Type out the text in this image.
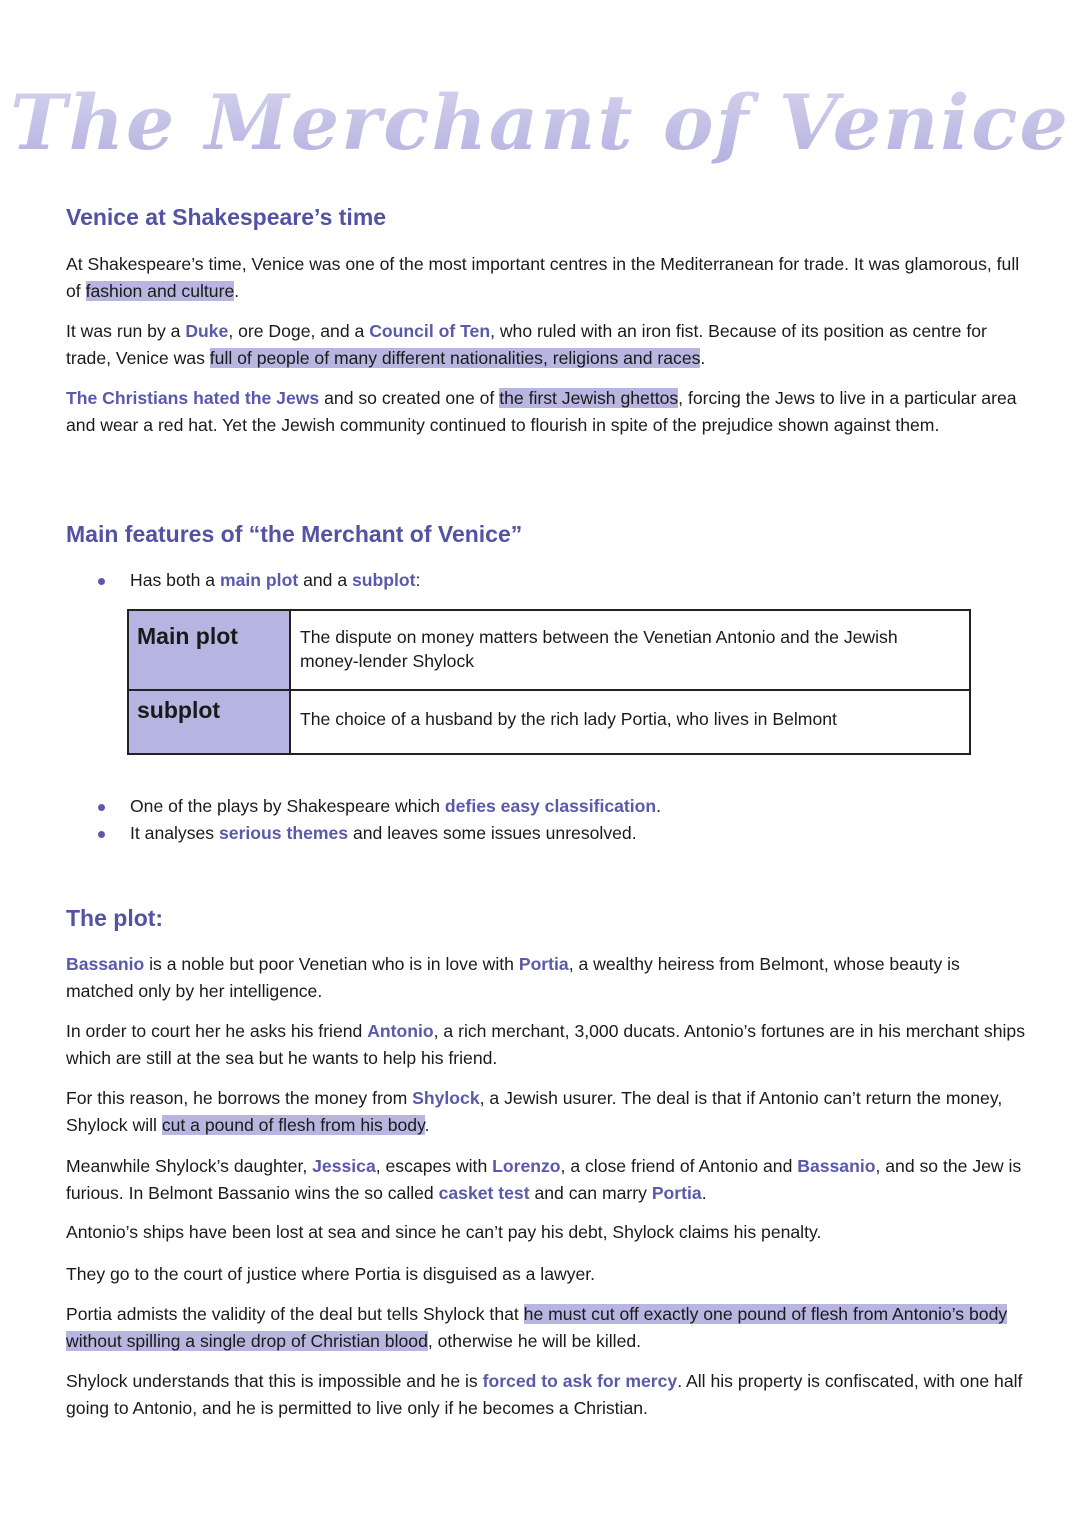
The Merchant of Venice
Venice at Shakespeare’s time

At Shakespeare’s time, Venice was one of the most important centres in the Mediterranean for trade. It was glamorous, full of fashion and culture.

It was run by a Duke, ore Doge, and a Council of Ten, who ruled with an iron fist. Because of its position as centre for trade, Venice was full of people of many different nationalities, religions and races.

The Christians hated the Jews and so created one of the first Jewish ghettos, forcing the Jews to live in a particular area and wear a red hat. Yet the Jewish community continued to flourish in spite of the prejudice shown against them.

Main features of “the Merchant of Venice”
Has both a main plot and a subplot:
Main plot	The dispute on money matters between the Venetian Antonio and the Jewish money-lender Shylock
subplot	The choice of a husband by the rich lady Portia, who lives in Belmont
One of the plays by Shakespeare which defies easy classification.
It analyses serious themes and leaves some issues unresolved.
The plot:

Bassanio is a noble but poor Venetian who is in love with Portia, a wealthy heiress from Belmont, whose beauty is matched only by her intelligence.

In order to court her he asks his friend Antonio, a rich merchant, 3,000 ducats. Antonio’s fortunes are in his merchant ships which are still at the sea but he wants to help his friend.

For this reason, he borrows the money from Shylock, a Jewish usurer. The deal is that if Antonio can’t return the money, Shylock will cut a pound of flesh from his body.

Meanwhile Shylock’s daughter, Jessica, escapes with Lorenzo, a close friend of Antonio and Bassanio, and so the Jew is furious. In Belmont Bassanio wins the so called casket test and can marry Portia.

Antonio’s ships have been lost at sea and since he can’t pay his debt, Shylock claims his penalty.

They go to the court of justice where Portia is disguised as a lawyer.

Portia admists the validity of the deal but tells Shylock that he must cut off exactly one pound of flesh from Antonio’s body without spilling a single drop of Christian blood, otherwise he will be killed.

Shylock understands that this is impossible and he is forced to ask for mercy. All his property is confiscated, with one half going to Antonio, and he is permitted to live only if he becomes a Christian.
